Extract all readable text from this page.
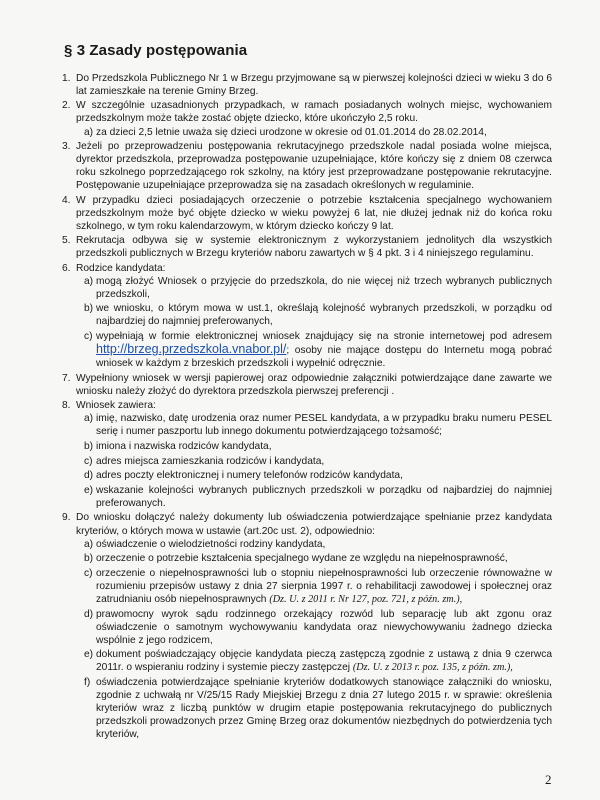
§ 3 Zasady postępowania
1. Do Przedszkola Publicznego Nr 1 w Brzegu przyjmowane są w pierwszej kolejności dzieci w wieku 3 do 6 lat zamieszkałe na terenie Gminy Brzeg.
2. W szczególnie uzasadnionych przypadkach, w ramach posiadanych wolnych miejsc, wychowaniem przedszkolnym może także zostać objęte dziecko, które ukończyło 2,5 roku.
a) za dzieci 2,5 letnie uważa się dzieci urodzone w okresie od 01.01.2014 do 28.02.2014,
3. Jeżeli po przeprowadzeniu postępowania rekrutacyjnego przedszkole nadal posiada wolne miejsca, dyrektor przedszkola, przeprowadza postępowanie uzupełniające, które kończy się z dniem 08 czerwca roku szkolnego poprzedzającego rok szkolny, na który jest przeprowadzane postępowanie rekrutacyjne. Postępowanie uzupełniające przeprowadza się na zasadach określonych w regulaminie.
4. W przypadku dzieci posiadających orzeczenie o potrzebie kształcenia specjalnego wychowaniem przedszkolnym może być objęte dziecko w wieku powyżej 6 lat, nie dłużej jednak niż do końca roku szkolnego, w tym roku kalendarzowym, w którym dziecko kończy 9 lat.
5. Rekrutacja odbywa się w systemie elektronicznym z wykorzystaniem jednolitych dla wszystkich przedszkoli publicznych w Brzegu kryteriów naboru zawartych w § 4 pkt. 3 i 4 niniejszego regulaminu.
6. Rodzice kandydata:
a) mogą złożyć Wniosek o przyjęcie do przedszkola, do nie więcej niż trzech wybranych publicznych przedszkoli,
b) we wniosku, o którym mowa w ust.1, określają kolejność wybranych przedszkoli, w porządku od najbardziej do najmniej preferowanych,
c) wypełniają w formie elektronicznej wniosek znajdujący się na stronie internetowej pod adresem http://brzeg.przedszkola.vnabor.pl/; osoby nie mające dostępu do Internetu mogą pobrać wniosek w każdym z brzeskich przedszkoli i wypełnić odręcznie.
7. Wypełniony wniosek w wersji papierowej oraz odpowiednie załączniki potwierdzające dane zawarte we wniosku należy złożyć do dyrektora przedszkola pierwszej preferencji .
8. Wniosek zawiera:
a) imię, nazwisko, datę urodzenia oraz numer PESEL kandydata, a w przypadku braku numeru PESEL serię i numer paszportu lub innego dokumentu potwierdzającego tożsamość;
b) imiona i nazwiska rodziców kandydata,
c) adres miejsca zamieszkania rodziców i kandydata,
d) adres poczty elektronicznej i numery telefonów rodziców kandydata,
e) wskazanie kolejności wybranych publicznych przedszkoli w porządku od najbardziej do najmniej preferowanych.
9. Do wniosku dołączyć należy dokumenty lub oświadczenia potwierdzające spełnianie przez kandydata kryteriów, o których mowa w ustawie (art.20c ust. 2), odpowiednio:
a) oświadczenie o wielodzietności rodziny kandydata,
b) orzeczenie o potrzebie kształcenia specjalnego wydane ze względu na niepełnosprawność,
c) orzeczenie o niepełnosprawności lub o stopniu niepełnosprawności lub orzeczenie równoważne w rozumieniu przepisów ustawy z dnia 27 sierpnia 1997 r. o rehabilitacji zawodowej i społecznej oraz zatrudnianiu osób niepełnosprawnych (Dz. U. z 2011 r. Nr 127, poz. 721, z późn. zm.),
d) prawomocny wyrok sądu rodzinnego orzekający rozwód lub separację lub akt zgonu oraz oświadczenie o samotnym wychowywaniu kandydata oraz niewychowywaniu żadnego dziecka wspólnie z jego rodzicem,
e) dokument poświadczający objęcie kandydata pieczą zastępczą zgodnie z ustawą z dnia 9 czerwca 2011r. o wspieraniu rodziny i systemie pieczy zastępczej (Dz. U. z 2013 r. poz. 135, z późn. zm.),
f) oświadczenia potwierdzające spełnianie kryteriów dodatkowych stanowiące załączniki do wniosku, zgodnie z uchwałą nr V/25/15 Rady Miejskiej Brzegu z dnia 27 lutego 2015 r. w sprawie: określenia kryteriów wraz z liczbą punktów w drugim etapie postępowania rekrutacyjnego do publicznych przedszkoli prowadzonych przez Gminę Brzeg oraz dokumentów niezbędnych do potwierdzenia tych kryteriów,
2
